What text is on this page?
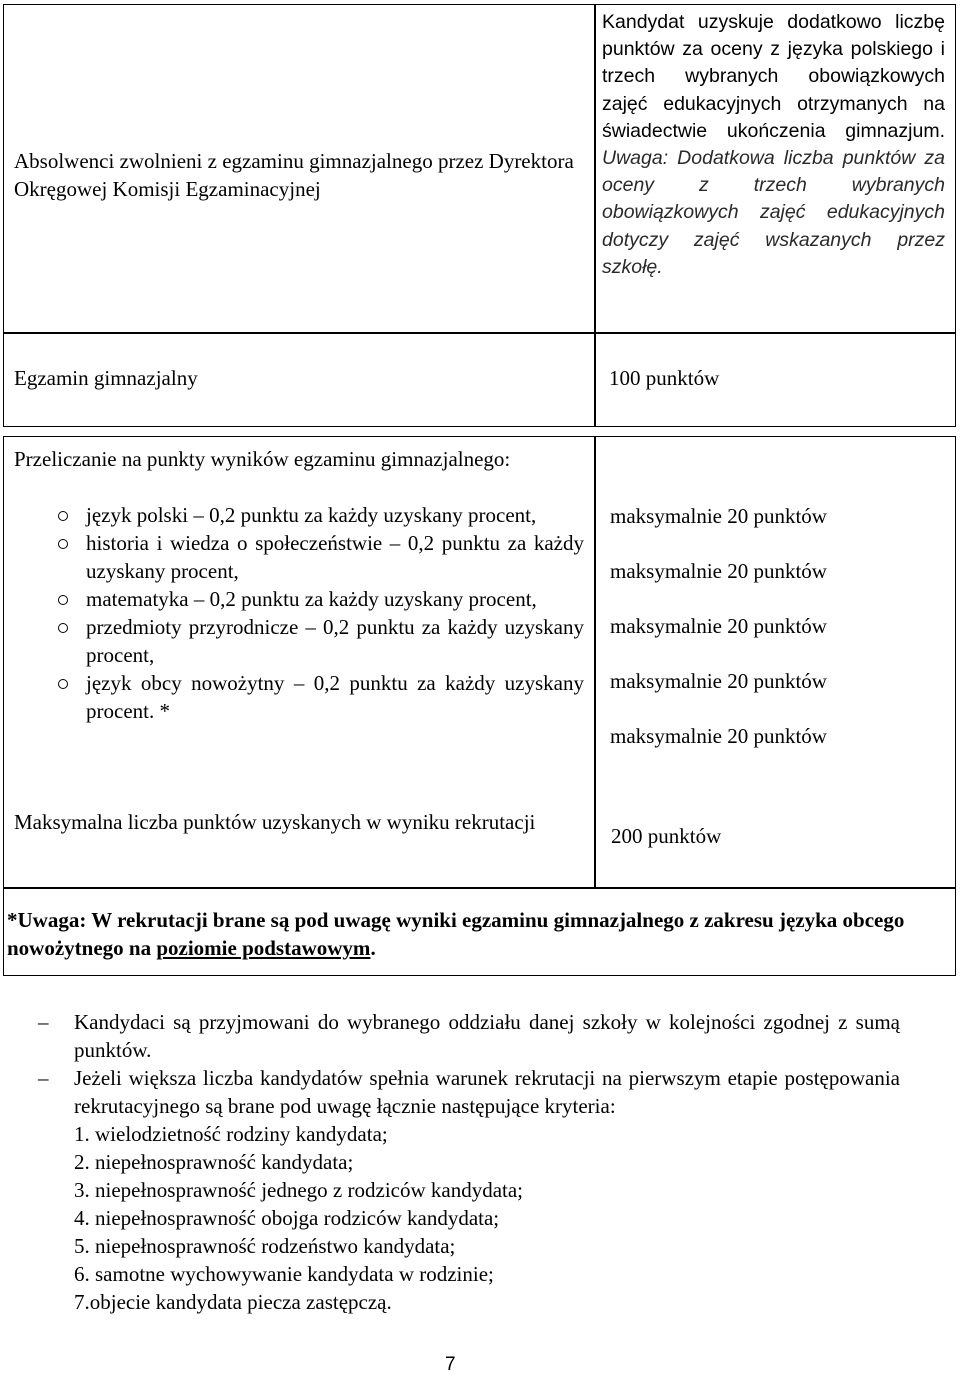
Absolwenci zwolnieni z egzaminu gimnazjalnego przez Dyrektora Okręgowej Komisji Egzaminacyjnej
Kandydat uzyskuje dodatkowo liczbę punktów za oceny z języka polskiego i trzech wybranych obowiązkowych zajęć edukacyjnych otrzymanych na świadectwie ukończenia gimnazjum. Uwaga: Dodatkowa liczba punktów za oceny z trzech wybranych obowiązkowych zajęć edukacyjnych dotyczy zajęć wskazanych przez szkołę.
Egzamin gimnazjalny	100 punktów
Przeliczanie na punkty wyników egzaminu gimnazjalnego:
język polski – 0,2 punktu za każdy uzyskany procent,
historia i wiedza o społeczeństwie – 0,2 punktu za każdy uzyskany procent,
matematyka – 0,2 punktu za każdy uzyskany procent,
przedmioty przyrodnicze – 0,2 punktu za każdy uzyskany procent,
język obcy nowożytny – 0,2 punktu za każdy uzyskany procent. *
maksymalnie 20 punktów
maksymalnie 20 punktów
maksymalnie 20 punktów
maksymalnie 20 punktów
maksymalnie 20 punktów
Maksymalna liczba punktów uzyskanych w wyniku rekrutacji
200 punktów
*Uwaga: W rekrutacji brane są pod uwagę wyniki egzaminu gimnazjalnego z zakresu języka obcego nowożytnego na poziomie podstawowym.
– Kandydaci są przyjmowani do wybranego oddziału danej szkoły w kolejności zgodnej z sumą punktów.
– Jeżeli większa liczba kandydatów spełnia warunek rekrutacji na pierwszym etapie postępowania rekrutacyjnego są brane pod uwagę łącznie następujące kryteria:
1. wielodzietność rodziny kandydata;
2. niepełnosprawność kandydata;
3. niepełnosprawność jednego z rodziców kandydata;
4. niepełnosprawność obojga rodziców kandydata;
5. niepełnosprawność rodzeństwo kandydata;
6. samotne wychowywanie kandydata w rodzinie;
7.objecie kandydata piecza zastępczą.
7
